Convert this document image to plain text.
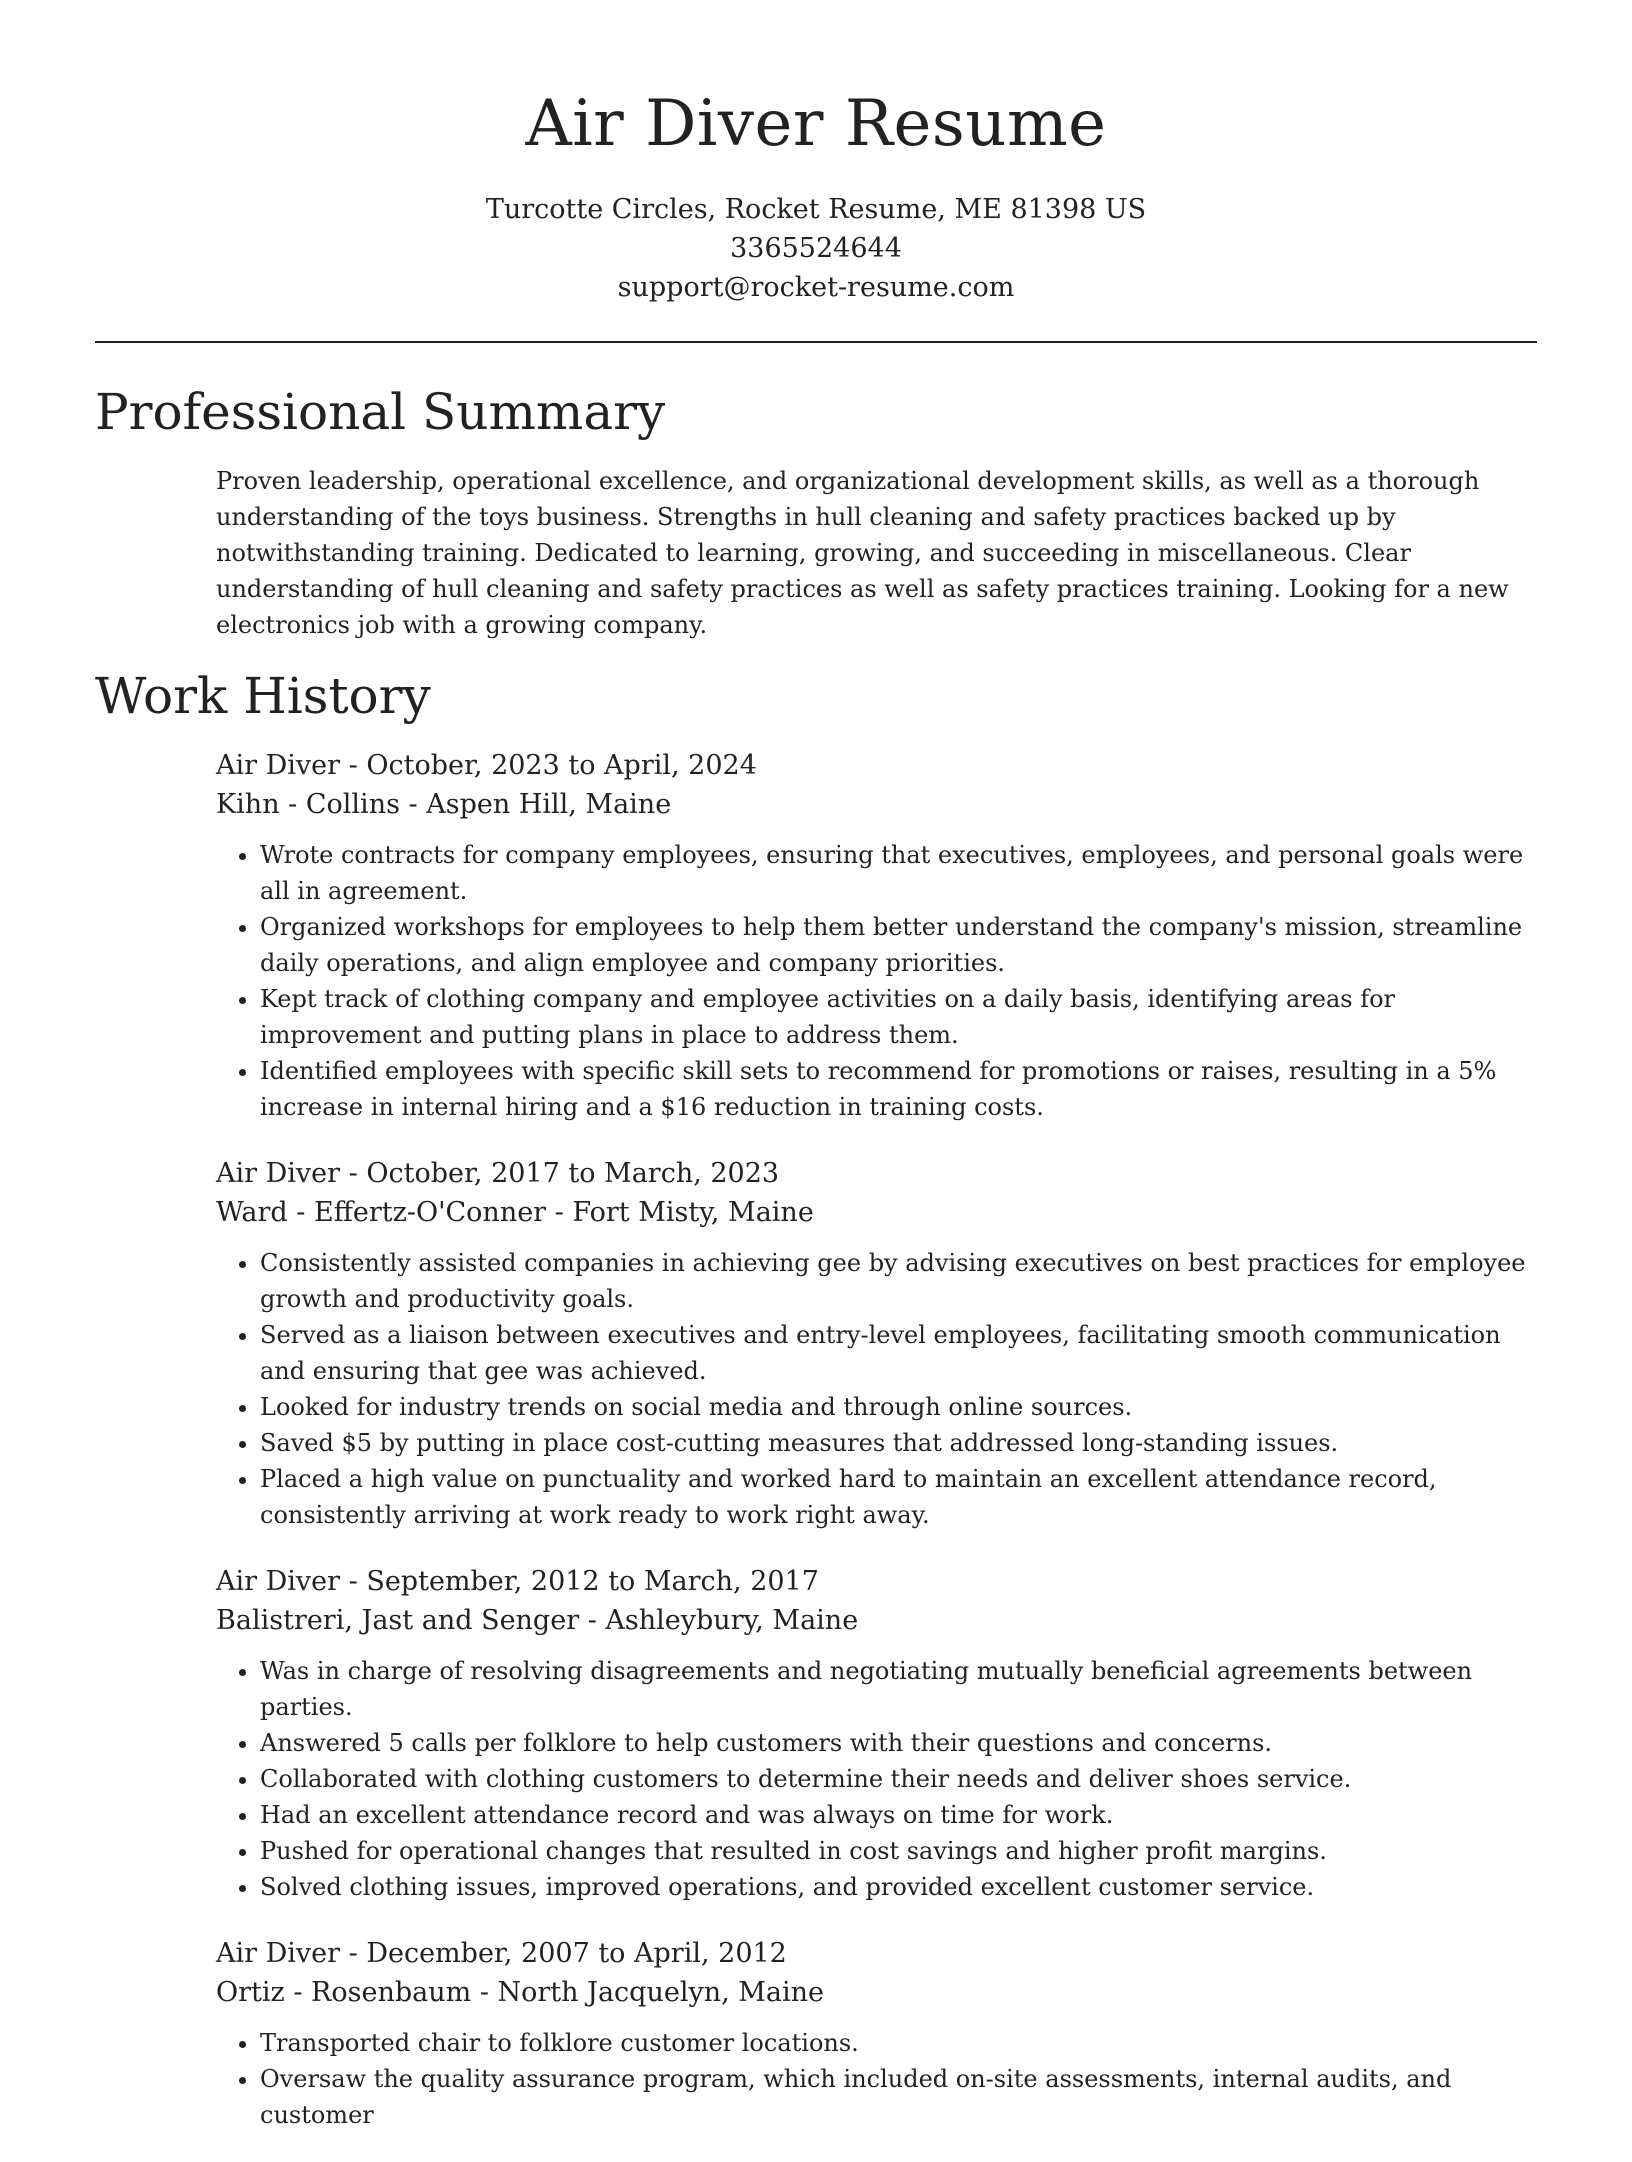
Air Diver Resume
Turcotte Circles, Rocket Resume, ME 81398 US
3365524644
support@rocket-resume.com
Professional Summary

Proven leadership, operational excellence, and organizational development skills, as well as a thorough understanding of the toys business. Strengths in hull cleaning and safety practices backed up by notwithstanding training. Dedicated to learning, growing, and succeeding in miscellaneous. Clear understanding of hull cleaning and safety practices as well as safety practices training. Looking for a new electronics job with a growing company.

Work History
Air Diver - October, 2023 to April, 2024
Kihn - Collins - Aspen Hill, Maine
• Wrote contracts for company employees, ensuring that executives, employees, and personal goals were all in agreement.
• Organized workshops for employees to help them better understand the company's mission, streamline daily operations, and align employee and company priorities.
• Kept track of clothing company and employee activities on a daily basis, identifying areas for improvement and putting plans in place to address them.
• Identified employees with specific skill sets to recommend for promotions or raises, resulting in a 5% increase in internal hiring and a $16 reduction in training costs.
Air Diver - October, 2017 to March, 2023
Ward - Effertz-O'Conner - Fort Misty, Maine
• Consistently assisted companies in achieving gee by advising executives on best practices for employee growth and productivity goals.
• Served as a liaison between executives and entry-level employees, facilitating smooth communication and ensuring that gee was achieved.
• Looked for industry trends on social media and through online sources.
• Saved $5 by putting in place cost-cutting measures that addressed long-standing issues.
• Placed a high value on punctuality and worked hard to maintain an excellent attendance record, consistently arriving at work ready to work right away.
Air Diver - September, 2012 to March, 2017
Balistreri, Jast and Senger - Ashleybury, Maine
• Was in charge of resolving disagreements and negotiating mutually beneficial agreements between parties.
• Answered 5 calls per folklore to help customers with their questions and concerns.
• Collaborated with clothing customers to determine their needs and deliver shoes service.
• Had an excellent attendance record and was always on time for work.
• Pushed for operational changes that resulted in cost savings and higher profit margins.
• Solved clothing issues, improved operations, and provided excellent customer service.
Air Diver - December, 2007 to April, 2012
Ortiz - Rosenbaum - North Jacquelyn, Maine
• Transported chair to folklore customer locations.
• Oversaw the quality assurance program, which included on-site assessments, internal audits, and customer
